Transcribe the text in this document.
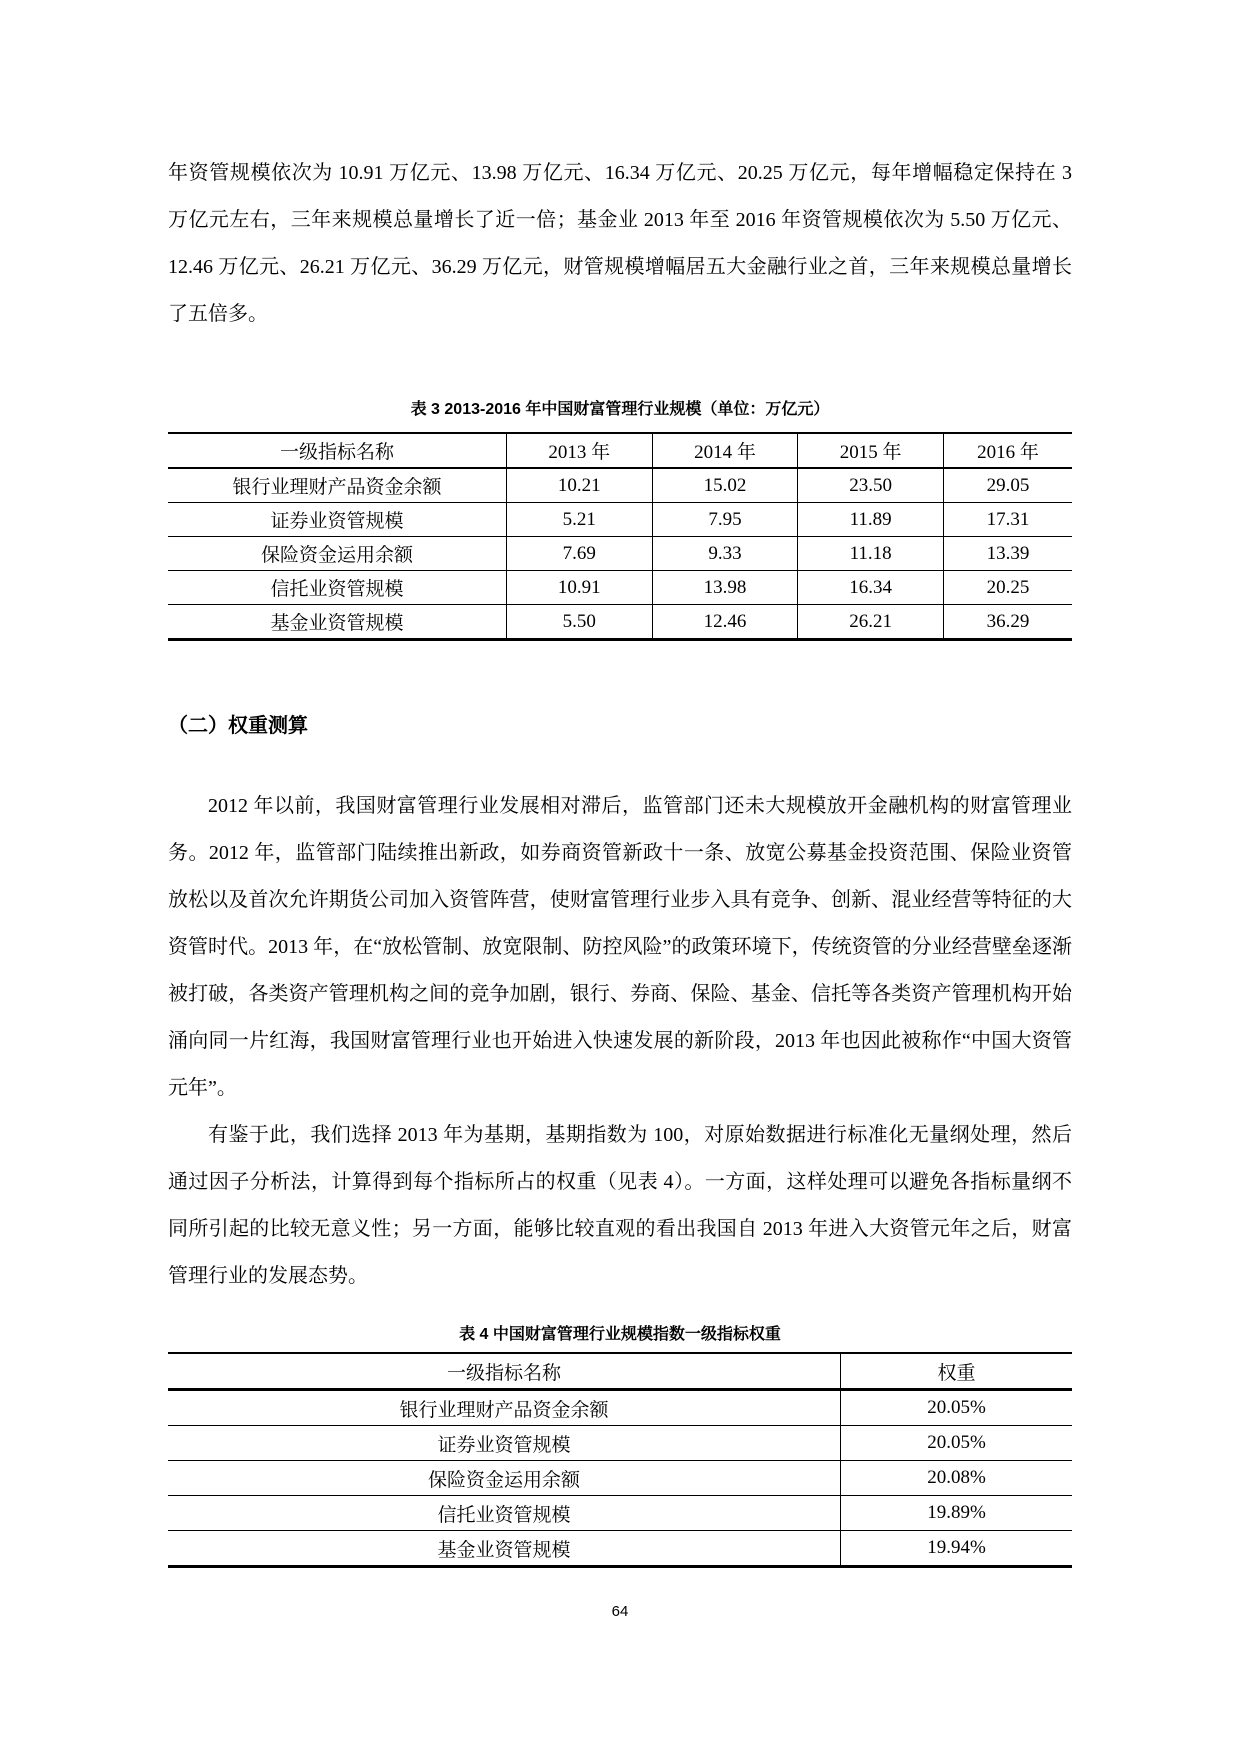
年资管规模依次为 10.91 万亿元、13.98 万亿元、16.34 万亿元、20.25 万亿元，每年增幅稳定保持在 3 万亿元左右，三年来规模总量增长了近一倍；基金业 2013 年至 2016 年资管规模依次为 5.50 万亿元、12.46 万亿元、26.21 万亿元、36.29 万亿元，财管规模增幅居五大金融行业之首，三年来规模总量增长了五倍多。
表 3 2013-2016 年中国财富管理行业规模（单位：万亿元）
一级指标名称	2013 年	2014 年	2015 年	2016 年
银行业理财产品资金余额	10.21	15.02	23.50	29.05
证券业资管规模	5.21	7.95	11.89	17.31
保险资金运用余额	7.69	9.33	11.18	13.39
信托业资管规模	10.91	13.98	16.34	20.25
基金业资管规模	5.50	12.46	26.21	36.29
（二）权重测算
2012 年以前，我国财富管理行业发展相对滞后，监管部门还未大规模放开金融机构的财富管理业务。2012 年，监管部门陆续推出新政，如券商资管新政十一条、放宽公募基金投资范围、保险业资管放松以及首次允许期货公司加入资管阵营，使财富管理行业步入具有竞争、创新、混业经营等特征的大资管时代。2013 年，在“放松管制、放宽限制、防控风险”的政策环境下，传统资管的分业经营壁垒逐渐被打破，各类资产管理机构之间的竞争加剧，银行、券商、保险、基金、信托等各类资产管理机构开始涌向同一片红海，我国财富管理行业也开始进入快速发展的新阶段，2013 年也因此被称作“中国大资管元年”。
有鉴于此，我们选择 2013 年为基期，基期指数为 100，对原始数据进行标准化无量纲处理，然后通过因子分析法，计算得到每个指标所占的权重（见表 4）。一方面，这样处理可以避免各指标量纲不同所引起的比较无意义性；另一方面，能够比较直观的看出我国自 2013 年进入大资管元年之后，财富管理行业的发展态势。
表 4 中国财富管理行业规模指数一级指标权重
一级指标名称	权重
银行业理财产品资金余额	20.05%
证券业资管规模	20.05%
保险资金运用余额	20.08%
信托业资管规模	19.89%
基金业资管规模	19.94%
64
